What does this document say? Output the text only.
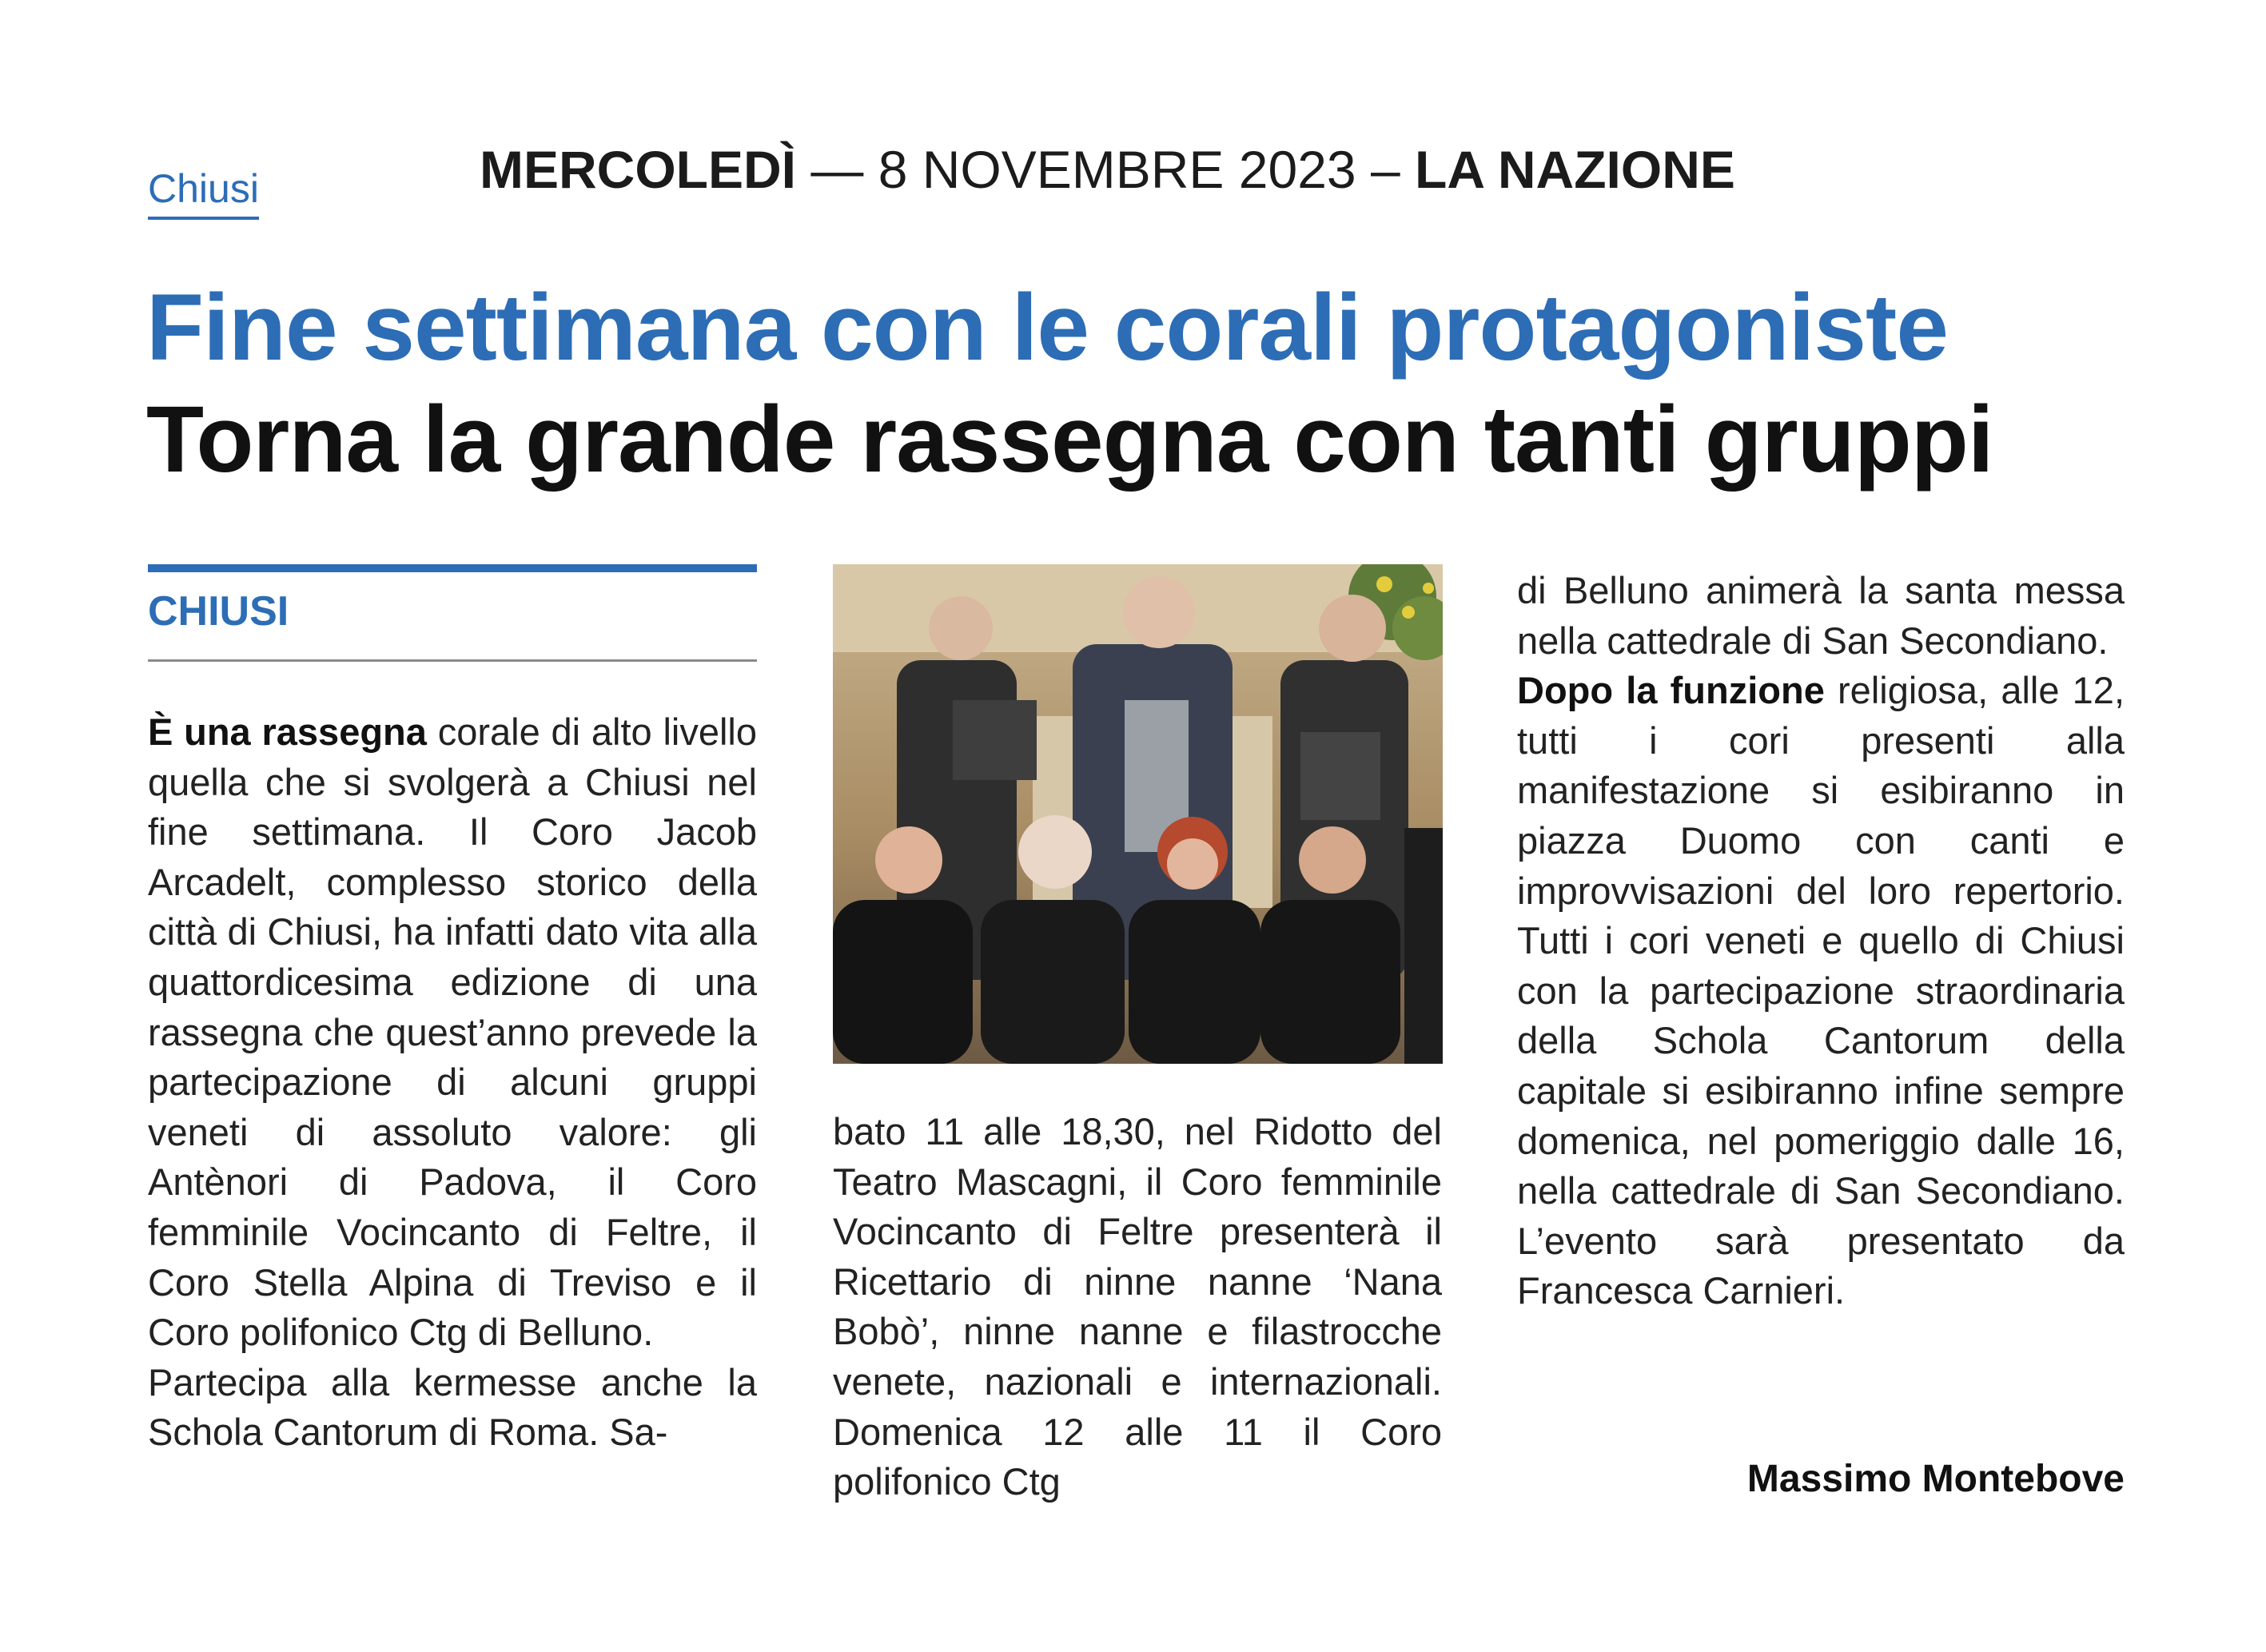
Chiusi	MERCOLEDÌ — 8 NOVEMBRE 2023 – LA NAZIONE
Fine settimana con le corali protagoniste
Torna la grande rassegna con tanti gruppi
CHIUSI

È una rassegna corale di alto livello quella che si svolgerà a Chiusi nel fine settimana. Il Coro Jacob Arcadelt, complesso storico della città di Chiusi, ha infatti dato vita alla quattordicesima edizione di una rassegna che quest’anno prevede la partecipazione di alcuni gruppi veneti di assoluto valore: gli Antènori di Padova, il Coro femminile Vocincanto di Feltre, il Coro Stella Alpina di Treviso e il Coro polifonico Ctg di Belluno.

Partecipa alla kermesse anche la Schola Cantorum di Roma. Sa-

bato 11 alle 18,30, nel Ridotto del Teatro Mascagni, il Coro femminile Vocincanto di Feltre presenterà il Ricettario di ninne nanne ‘Nana Bobò’, ninne nanne e filastrocche venete, nazionali e internazionali. Domenica 12 alle 11 il Coro polifonico Ctg

di Belluno animerà la santa messa nella cattedrale di San Secondiano.

Dopo la funzione religiosa, alle 12, tutti i cori presenti alla manifestazione si esibiranno in piazza Duomo con canti e improvvisazioni del loro repertorio. Tutti i cori veneti e quello di Chiusi con la partecipazione straordinaria della Schola Cantorum della capitale si esibiranno infine sempre domenica, nel pomeriggio dalle 16, nella cattedrale di San Secondiano. L’evento sarà presentato da Francesca Carnieri.

Massimo Montebove
